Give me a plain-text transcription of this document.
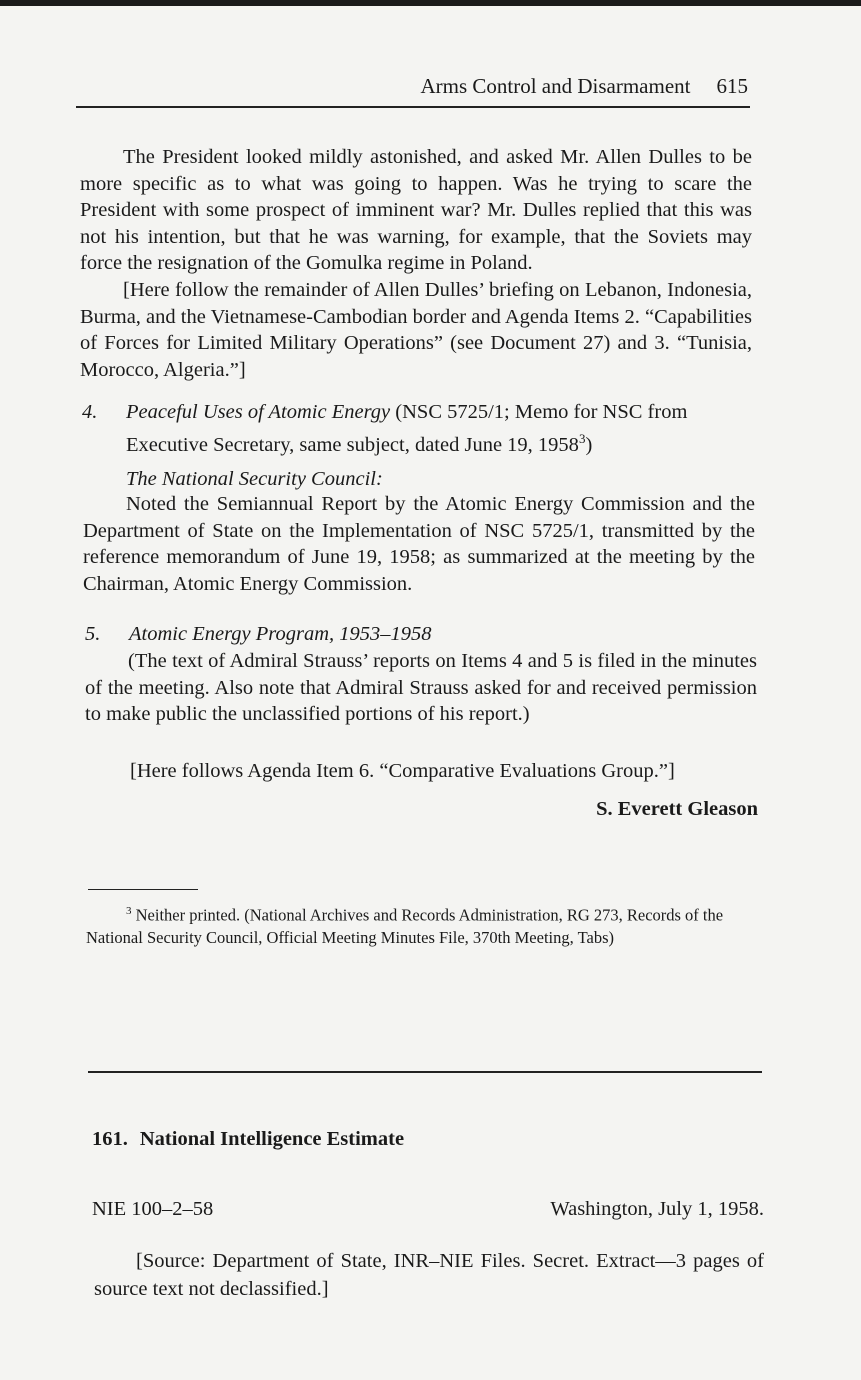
Arms Control and Disarmament 615

The President looked mildly astonished, and asked Mr. Allen Dulles to be more specific as to what was going to happen. Was he trying to scare the President with some prospect of imminent war? Mr. Dulles replied that this was not his intention, but that he was warning, for example, that the Soviets may force the resignation of the Gomulka regime in Poland.

[Here follow the remainder of Allen Dulles’ briefing on Lebanon, Indonesia, Burma, and the Vietnamese-Cambodian border and Agenda Items 2. “Capabilities of Forces for Limited Military Operations” (see Document 27) and 3. “Tunisia, Morocco, Algeria.”]

4.	Peaceful Uses of Atomic Energy (NSC 5725/1; Memo for NSC from Executive Secretary, same subject, dated June 19, 1958$^3$)
The National Security Council:

Noted the Semiannual Report by the Atomic Energy Commission and the Department of State on the Implementation of NSC 5725/1, transmitted by the reference memorandum of June 19, 1958; as summarized at the meeting by the Chairman, Atomic Energy Commission.

5.	Atomic Energy Program, 1953–1958

(The text of Admiral Strauss’ reports on Items 4 and 5 is filed in the minutes of the meeting. Also note that Admiral Strauss asked for and received permission to make public the unclassified portions of his report.)

[Here follows Agenda Item 6. “Comparative Evaluations Group.”]
S. Everett Gleason

$^3$ Neither printed. (National Archives and Records Administration, RG 273, Records of the National Security Council, Official Meeting Minutes File, 370th Meeting, Tabs)

161. National Intelligence Estimate
NIE 100–2–58	Washington, July 1, 1958.

[Source: Department of State, INR–NIE Files. Secret. Extract—3 pages of source text not declassified.]
